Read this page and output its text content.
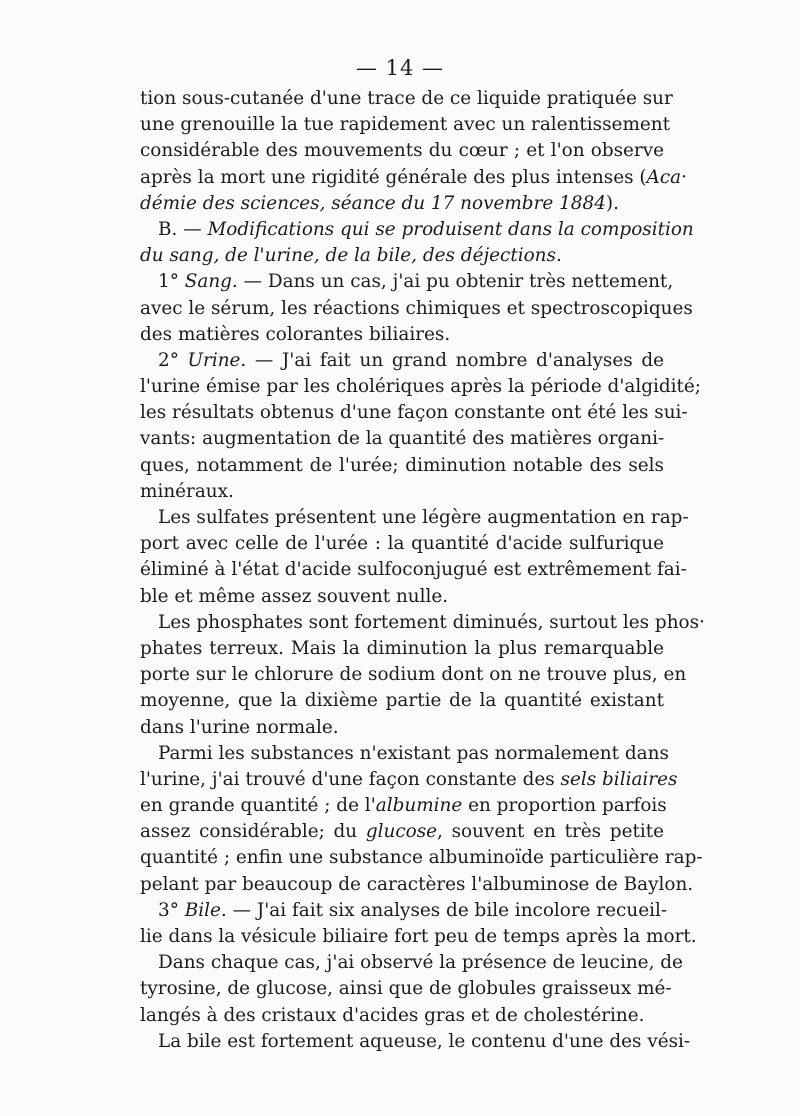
— 14 —
tion sous-cutanée d'une trace de ce liquide pratiquée sur
une grenouille la tue rapidement avec un ralentissement
considérable des mouvements du cœur ; et l'on observe
après la mort une rigidité générale des plus intenses (Aca·
démie des sciences, séance du 17 novembre 1884).
B. — Modifications qui se produisent dans la composition
du sang, de l'urine, de la bile, des déjections.
1° Sang. — Dans un cas, j'ai pu obtenir très nettement,
avec le sérum, les réactions chimiques et spectroscopiques
des matières colorantes biliaires.
2° Urine. — J'ai fait un grand nombre d'analyses de
l'urine émise par les cholériques après la période d'algidité;
les résultats obtenus d'une façon constante ont été les sui-
vants: augmentation de la quantité des matières organi-
ques, notamment de l'urée; diminution notable des sels
minéraux.
Les sulfates présentent une légère augmentation en rap-
port avec celle de l'urée : la quantité d'acide sulfurique
éliminé à l'état d'acide sulfoconjugué est extrêmement fai-
ble et même assez souvent nulle.
Les phosphates sont fortement diminués, surtout les phos·
phates terreux. Mais la diminution la plus remarquable
porte sur le chlorure de sodium dont on ne trouve plus, en
moyenne, que la dixième partie de la quantité existant
dans l'urine normale.
Parmi les substances n'existant pas normalement dans
l'urine, j'ai trouvé d'une façon constante des sels biliaires
en grande quantité ; de l'albumine en proportion parfois
assez considérable; du glucose, souvent en très petite
quantité ; enfin une substance albuminoïde particulière rap-
pelant par beaucoup de caractères l'albuminose de Baylon.
3° Bile. — J'ai fait six analyses de bile incolore recueil-
lie dans la vésicule biliaire fort peu de temps après la mort.
Dans chaque cas, j'ai observé la présence de leucine, de
tyrosine, de glucose, ainsi que de globules graisseux mé-
langés à des cristaux d'acides gras et de cholestérine.
La bile est fortement aqueuse, le contenu d'une des vési-
